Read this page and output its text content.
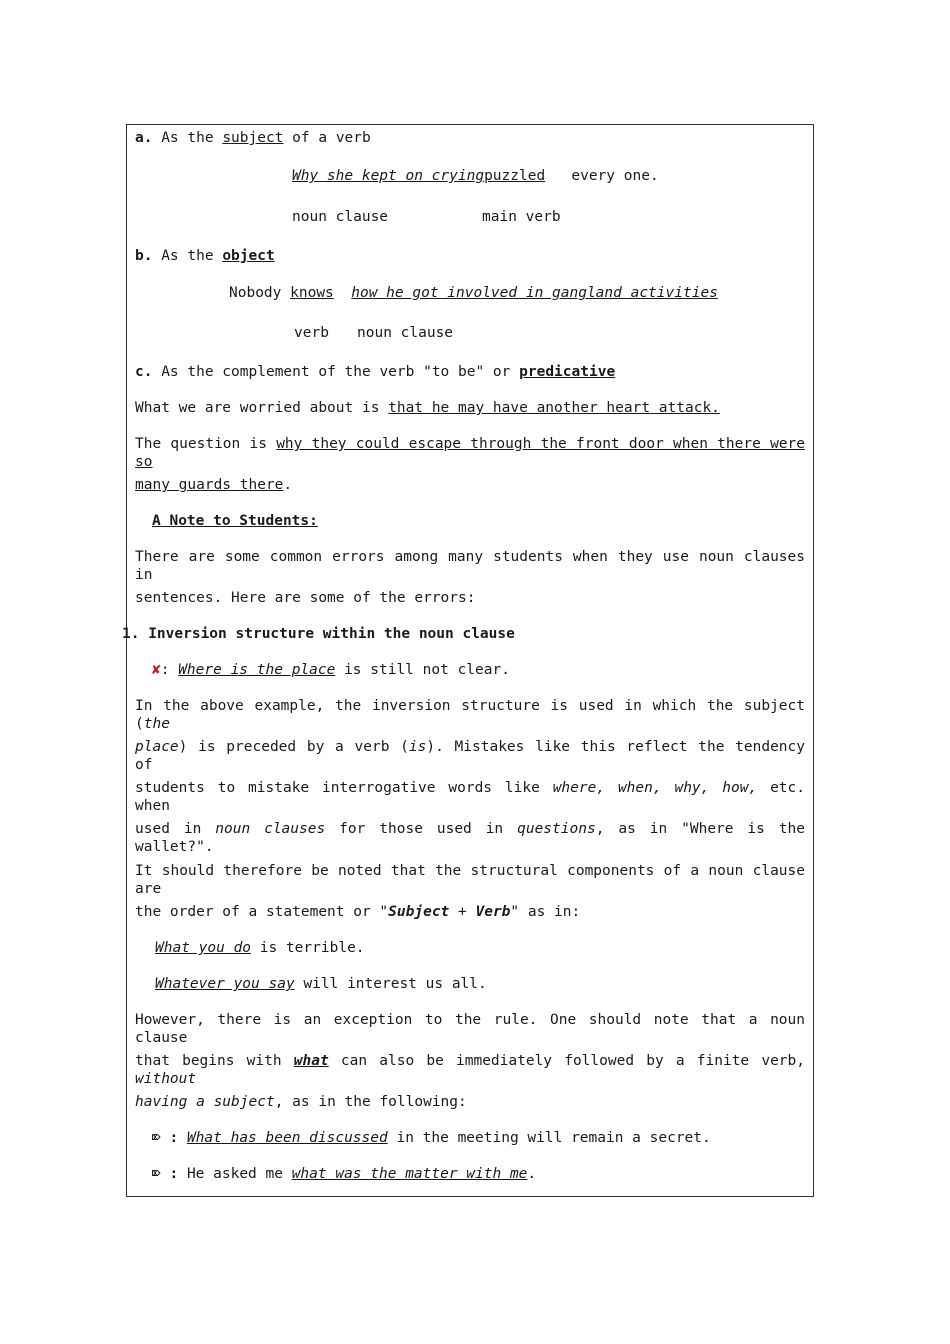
a. As the subject of a verb
Why she kept on cryingpuzzled every one.
noun clause	main verb
b. As the object
Nobody knows how he got involved in gangland activities
verb noun clause
c. As the complement of the verb "to be" or predicative
What we are worried about is that he may have another heart attack.
The question is why they could escape through the front door when there were so
many guards there.
A Note to Students:
There are some common errors among many students when they use noun clauses in
sentences. Here are some of the errors:
1. Inversion structure within the noun clause
✘: Where is the place is still not clear.
In the above example, the inversion structure is used in which the subject (the
place) is preceded by a verb (is). Mistakes like this reflect the tendency of
students to mistake interrogative words like where, when, why, how, etc. when
used in noun clauses for those used in questions, as in "Where is the wallet?".
It should therefore be noted that the structural components of a noun clause are
the order of a statement or "Subject + Verb" as in:
What you do is terrible.
Whatever you say will interest us all.
However, there is an exception to the rule. One should note that a noun clause
that begins with what can also be immediately followed by a finite verb, without
having a subject, as in the following:
⌦ : What has been discussed in the meeting will remain a secret.
⌦ : He asked me what was the matter with me.
